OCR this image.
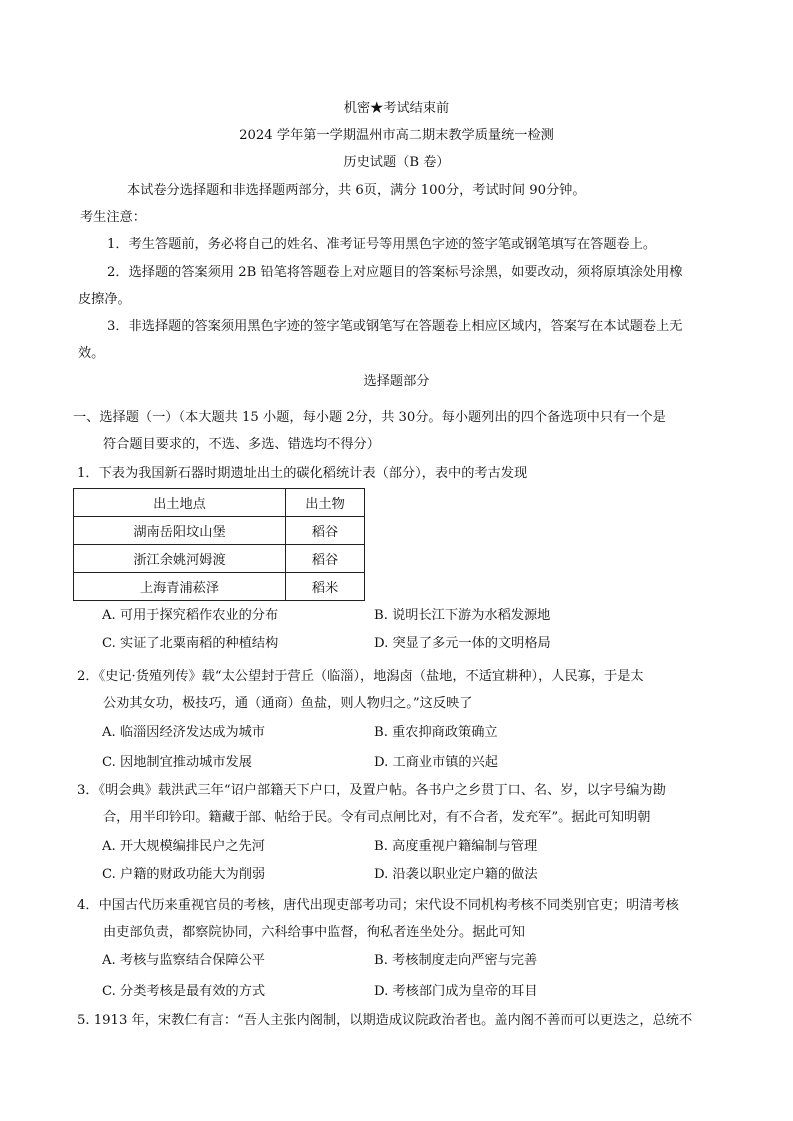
机密★考试结束前
2024 学年第一学期温州市高二期末教学质量统一检测
历史试题（B 卷）
本试卷分选择题和非选择题两部分，共 6页，满分 100分，考试时间 90分钟。
考生注意：
1．考生答题前，务必将自己的姓名、准考证号等用黑色字迹的签字笔或钢笔填写在答题卷上。
2．选择题的答案须用 2B 铅笔将答题卷上对应题目的答案标号涂黑，如要改动，须将原填涂处用橡
皮擦净。
3．非选择题的答案须用黑色字迹的签字笔或钢笔写在答题卷上相应区域内，答案写在本试题卷上无
效。
选择题部分
一、选择题（一）（本大题共 15 小题，每小题 2分，共 30分。每小题列出的四个备选项中只有一个是
符合题目要求的，不选、多选、错选均不得分）
1．下表为我国新石器时期遗址出土的碳化稻统计表（部分），表中的考古发现
出土地点	出土物
湖南岳阳坟山堡	稻谷
浙江余姚河姆渡	稻谷
上海青浦菘泽	稻米
A. 可用于探究稻作农业的分布	B. 说明长江下游为水稻发源地
C. 实证了北粟南稻的种植结构	D. 突显了多元一体的文明格局
2．《史记·货殖列传》载“太公望封于营丘（临淄），地潟卤（盐地，不适宜耕种），人民寡，于是太
公劝其女功，极技巧，通（通商）鱼盐，则人物归之。”这反映了
A. 临淄因经济发达成为城市	B. 重农抑商政策确立
C. 因地制宜推动城市发展	D. 工商业市镇的兴起
3．《明会典》载洪武三年“诏户部籍天下户口，及置户帖。各书户之乡贯丁口、名、岁，以字号编为勘
合，用半印钤印。籍藏于部、帖给于民。令有司点闸比对，有不合者，发充军”。据此可知明朝
A. 开大规模编排民户之先河	B. 高度重视户籍编制与管理
C. 户籍的财政功能大为削弱	D. 沿袭以职业定户籍的做法
4．中国古代历来重视官员的考核，唐代出现吏部考功司；宋代设不同机构考核不同类别官吏；明清考核
由吏部负责，都察院协同，六科给事中监督，徇私者连坐处分。据此可知
A. 考核与监察结合保障公平	B. 考核制度走向严密与完善
C. 分类考核是最有效的方式	D. 考核部门成为皇帝的耳目
5. 1913 年，宋教仁有言：“吾人主张内阁制，以期造成议院政治者也。盖内阁不善而可以更迭之，总统不
